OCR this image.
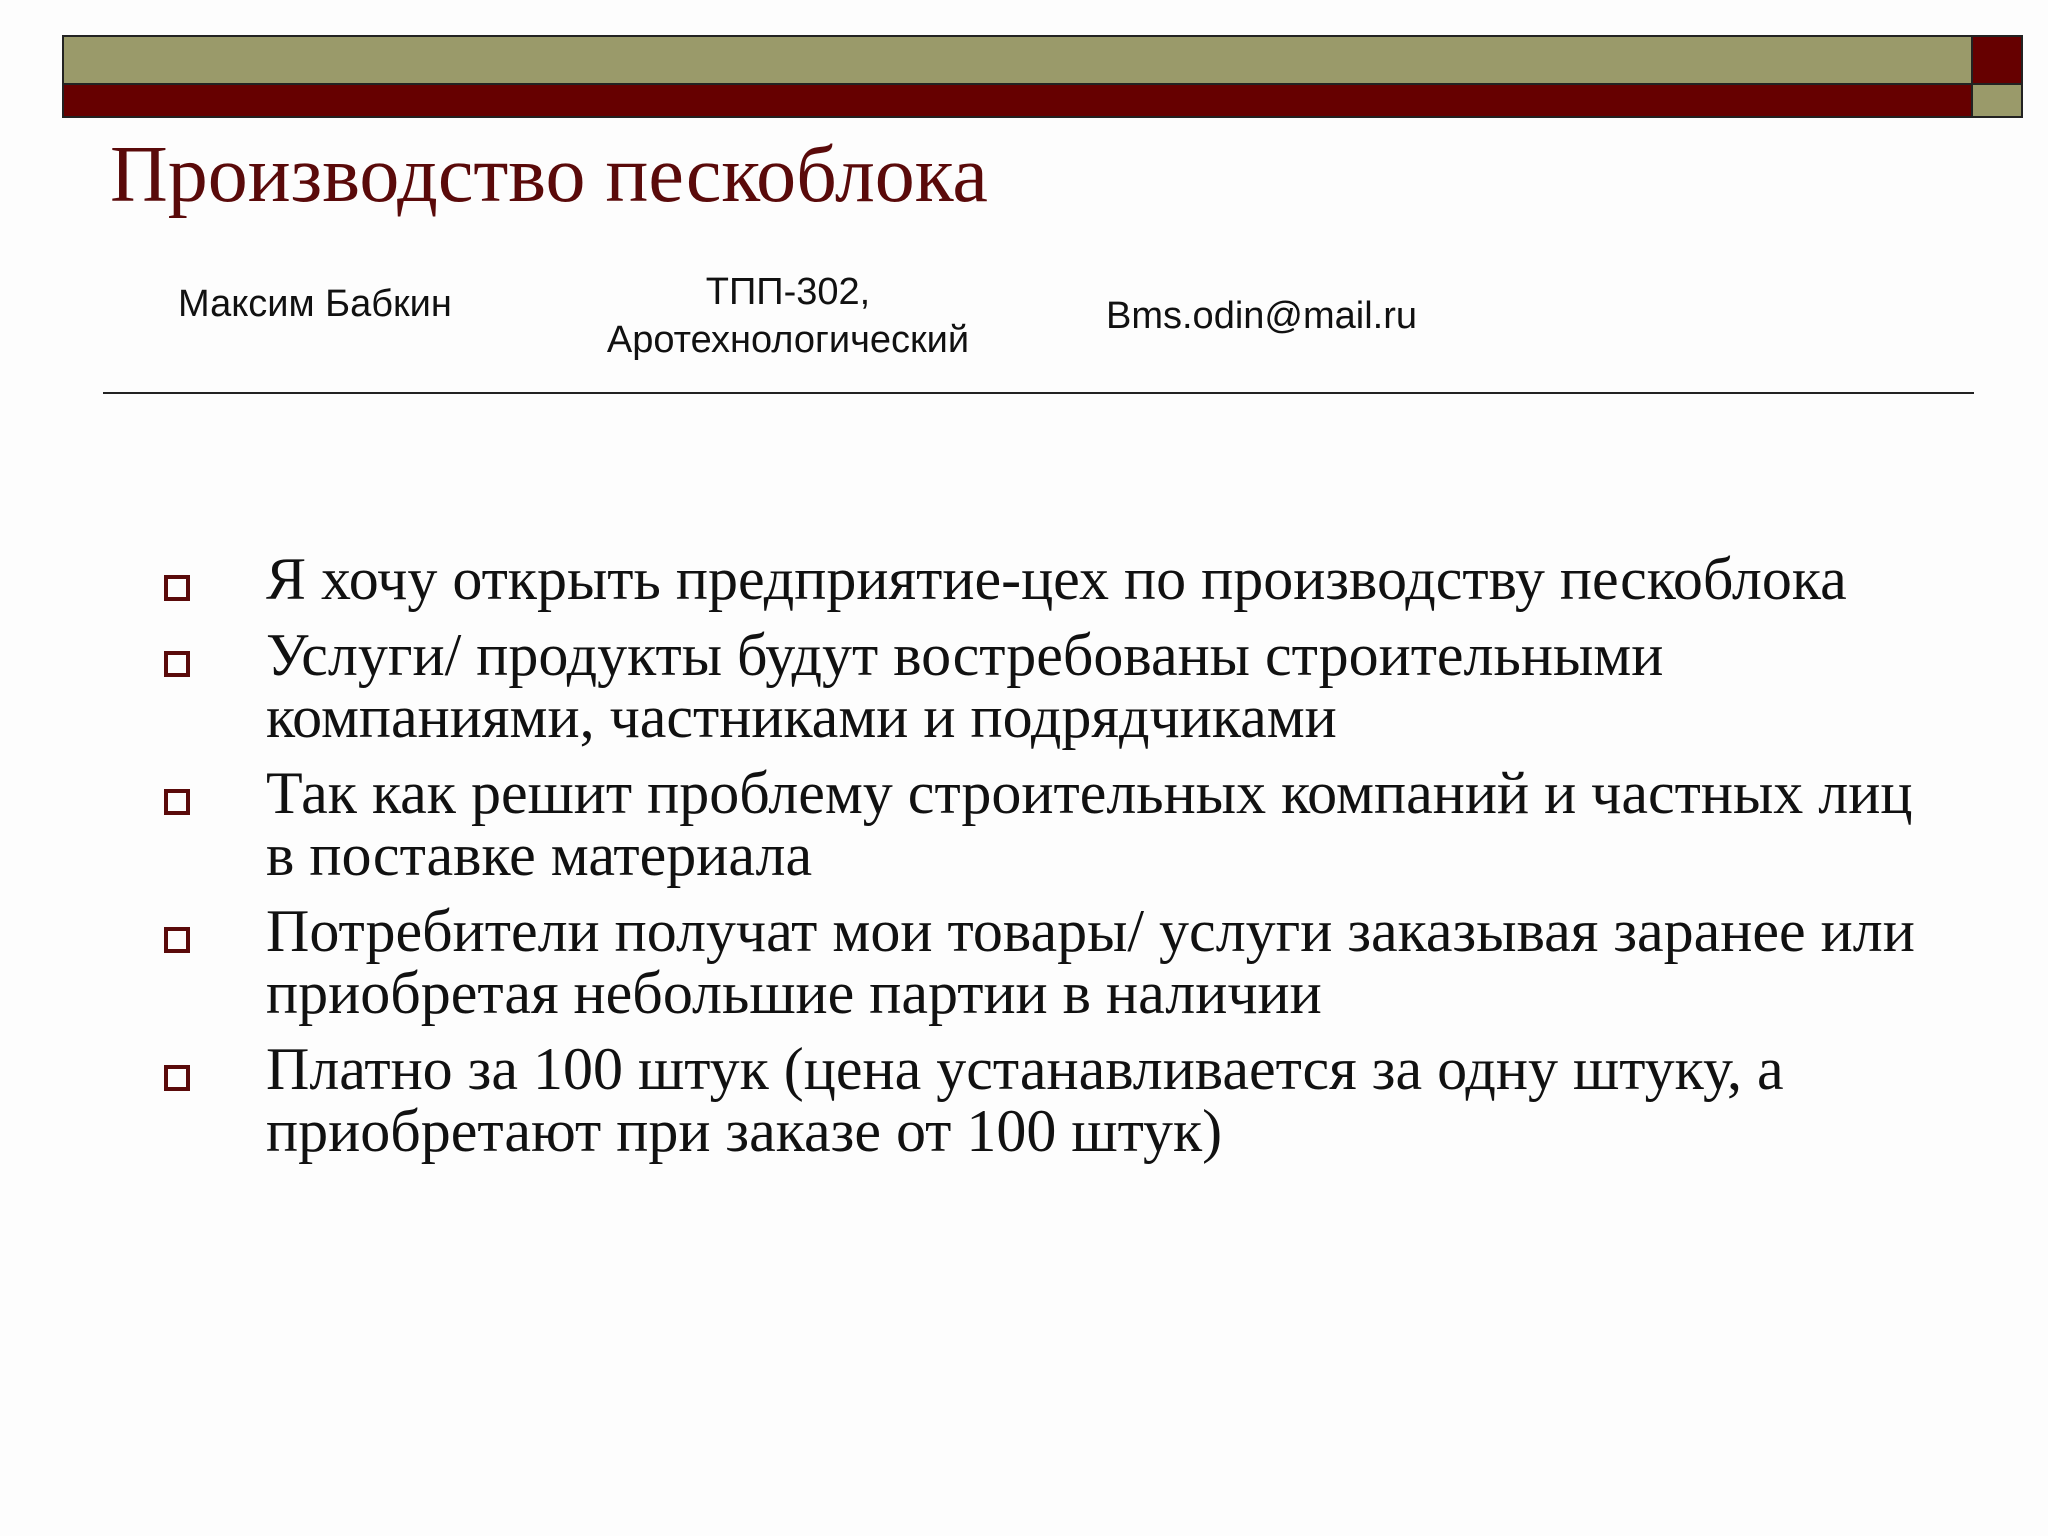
Производство пескоблока
Максим Бабкин	ТПП-302,
Аротехнологический
Bms.odin@mail.ru
Я хочу открыть предприятие-цех по производству пескоблока
Услуги/ продукты будут востребованы строительными компаниями, частниками и подрядчиками
Так как решит проблему строительных компаний и частных лиц в поставке материала
Потребители получат мои товары/ услуги заказывая заранее или приобретая небольшие партии в наличии
Платно за 100 штук (цена устанавливается за одну штуку, а приобретают при заказе от 100 штук)
